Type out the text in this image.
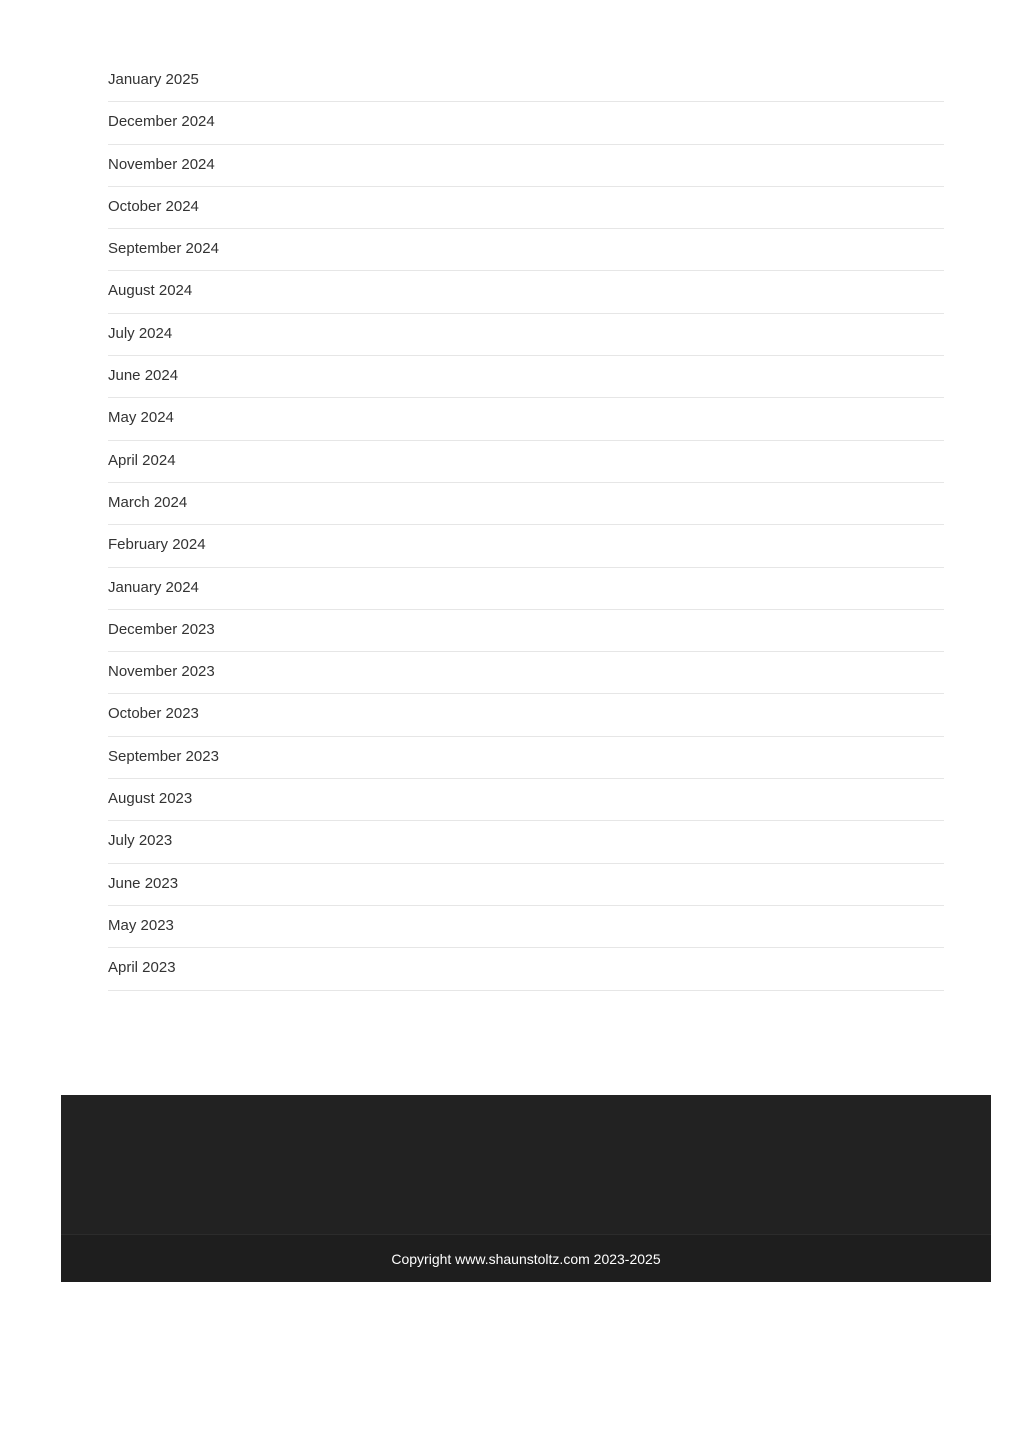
January 2025
December 2024
November 2024
October 2024
September 2024
August 2024
July 2024
June 2024
May 2024
April 2024
March 2024
February 2024
January 2024
December 2023
November 2023
October 2023
September 2023
August 2023
July 2023
June 2023
May 2023
April 2023
Copyright www.shaunstoltz.com 2023-2025
